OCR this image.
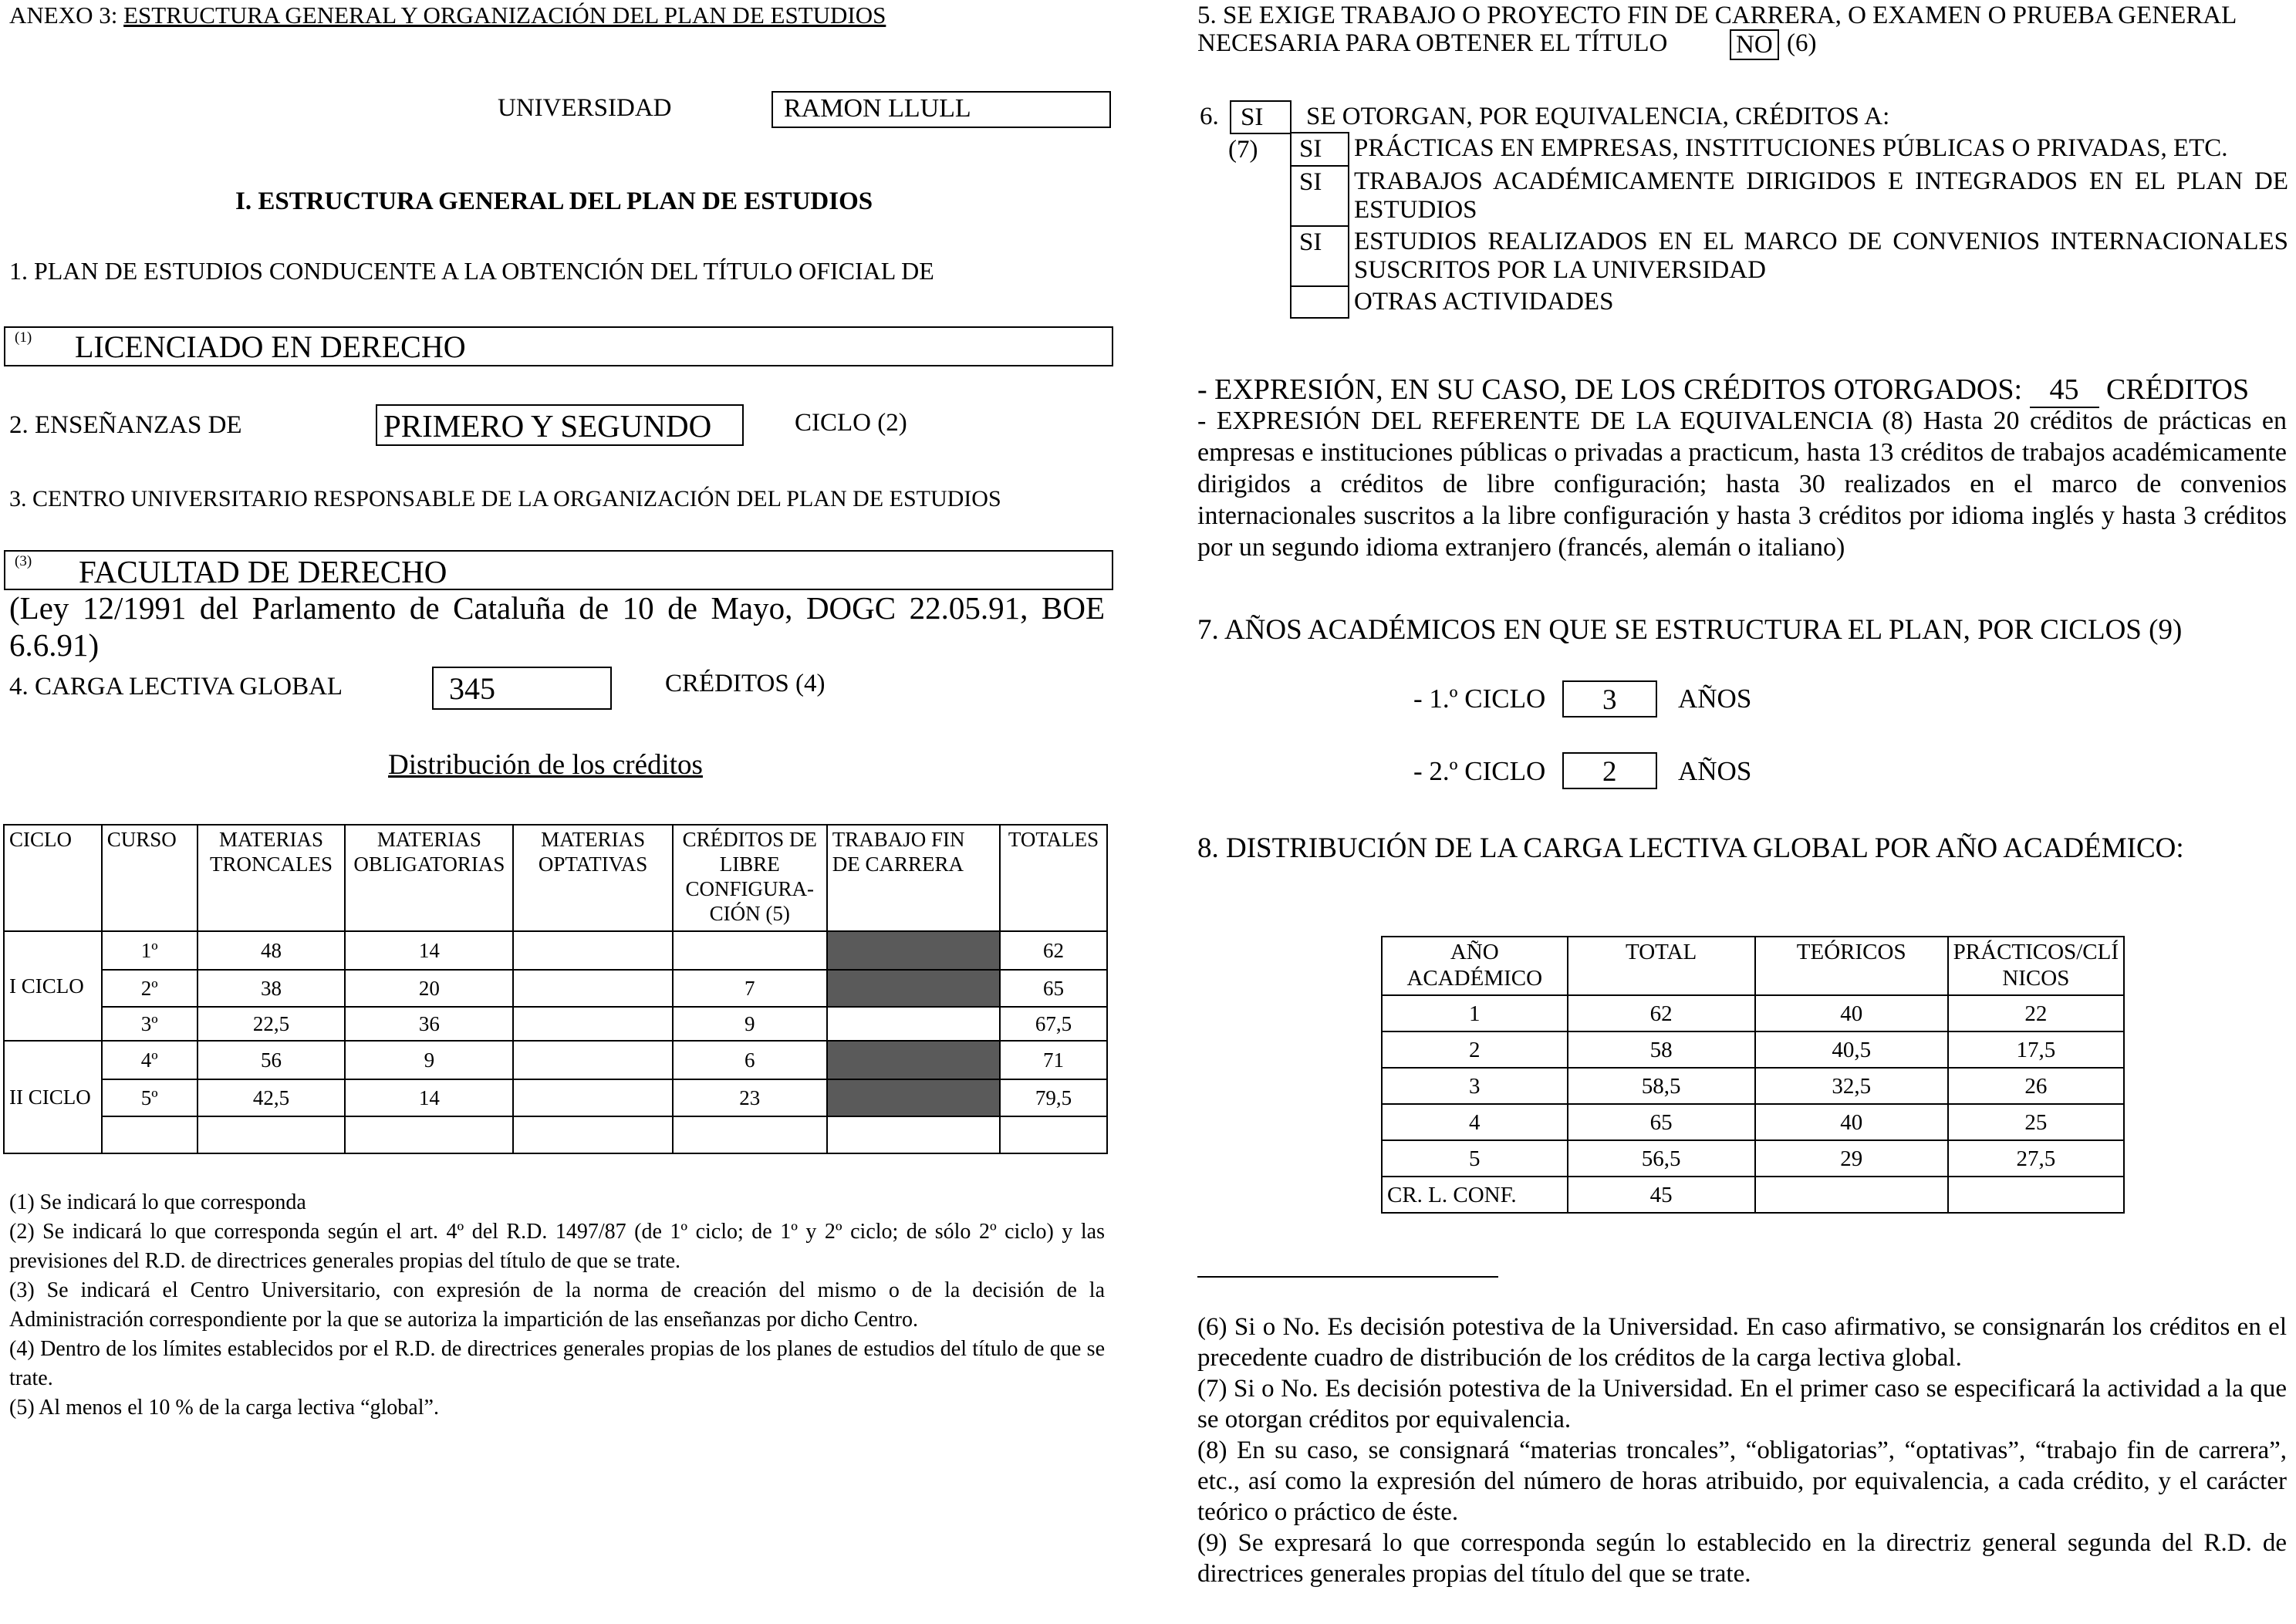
ANEXO 3: ESTRUCTURA GENERAL Y ORGANIZACIÓN DEL PLAN DE ESTUDIOS
UNIVERSIDAD	RAMON LLULL
I. ESTRUCTURA GENERAL DEL PLAN DE ESTUDIOS
1. PLAN DE ESTUDIOS CONDUCENTE A LA OBTENCIÓN DEL TÍTULO OFICIAL DE
(1) LICENCIADO EN DERECHO
2. ENSEÑANZAS DE	PRIMERO Y SEGUNDO	CICLO (2)
3. CENTRO UNIVERSITARIO RESPONSABLE DE LA ORGANIZACIÓN DEL PLAN DE ESTUDIOS
(3) FACULTAD DE DERECHO
(Ley 12/1991 del Parlamento de Cataluña de 10 de Mayo, DOGC 22.05.91, BOE 6.6.91)
4. CARGA LECTIVA GLOBAL	345	CRÉDITOS (4)
Distribución de los créditos
CICLO	CURSO	MATERIAS TRONCALES	MATERIAS OBLIGATORIAS	MATERIAS OPTATIVAS	CRÉDITOS DE LIBRE CONFIGURA-CIÓN (5)	TRABAJO FIN DE CARRERA	TOTALES
I CICLO	1º	48	14				62
	2º	38	20		7		65
	3º	22,5	36		9		67,5
II CICLO	4º	56	9		6		71
	5º	42,5	14		23		79,5

(1) Se indicará lo que corresponda

(2) Se indicará lo que corresponda según el art. 4º del R.D. 1497/87 (de 1º ciclo; de 1º y 2º ciclo; de sólo 2º ciclo) y las previsiones del R.D. de directrices generales propias del título de que se trate.

(3) Se indicará el Centro Universitario, con expresión de la norma de creación del mismo o de la decisión de la Administración correspondiente por la que se autoriza la impartición de las enseñanzas por dicho Centro.

(4) Dentro de los límites establecidos por el R.D. de directrices generales propias de los planes de estudios del título de que se trate.

(5) Al menos el 10 % de la carga lectiva “global”.

5. SE EXIGE TRABAJO O PROYECTO FIN DE CARRERA, O EXAMEN O PRUEBA GENERAL
NECESARIA PARA OBTENER EL TÍTULO	NO (6)
6. SI SE OTORGAN, POR EQUIVALENCIA, CRÉDITOS A:
(7) SI	PRÁCTICAS EN EMPRESAS, INSTITUCIONES PÚBLICAS O PRIVADAS, ETC.
SI	TRABAJOS ACADÉMICAMENTE DIRIGIDOS E INTEGRADOS EN EL PLAN DE ESTUDIOS
SI	ESTUDIOS REALIZADOS EN EL MARCO DE CONVENIOS INTERNACIONALES SUSCRITOS POR LA UNIVERSIDAD
	OTRAS ACTIVIDADES
- EXPRESIÓN, EN SU CASO, DE LOS CRÉDITOS OTORGADOS: 45 CRÉDITOS
- EXPRESIÓN DEL REFERENTE DE LA EQUIVALENCIA (8) Hasta 20 créditos de prácticas en empresas e instituciones públicas o privadas a practicum, hasta 13 créditos de trabajos académicamente dirigidos a créditos de libre configuración; hasta 30 realizados en el marco de convenios internacionales suscritos a la libre configuración y hasta 3 créditos por idioma inglés y hasta 3 créditos por un segundo idioma extranjero (francés, alemán o italiano)
7. AÑOS ACADÉMICOS EN QUE SE ESTRUCTURA EL PLAN, POR CICLOS (9)
- 1.º CICLO 3 AÑOS
- 2.º CICLO 2 AÑOS
8. DISTRIBUCIÓN DE LA CARGA LECTIVA GLOBAL POR AÑO ACADÉMICO:
AÑO ACADÉMICO	TOTAL	TEÓRICOS	PRÁCTICOS/CLÍ NICOS
1	62	40	22
2	58	40,5	17,5
3	58,5	32,5	26
4	65	40	25
5	56,5	29	27,5
CR. L. CONF.	45		

(6) Si o No. Es decisión potestiva de la Universidad. En caso afirmativo, se consignarán los créditos en el precedente cuadro de distribución de los créditos de la carga lectiva global.

(7) Si o No. Es decisión potestiva de la Universidad. En el primer caso se especificará la actividad a la que se otorgan créditos por equivalencia.

(8) En su caso, se consignará “materias troncales”, “obligatorias”, “optativas”, “trabajo fin de carrera”, etc., así como la expresión del número de horas atribuido, por equivalencia, a cada crédito, y el carácter teórico o práctico de éste.

(9) Se expresará lo que corresponda según lo establecido en la directriz general segunda del R.D. de directrices generales propias del título del que se trate.
